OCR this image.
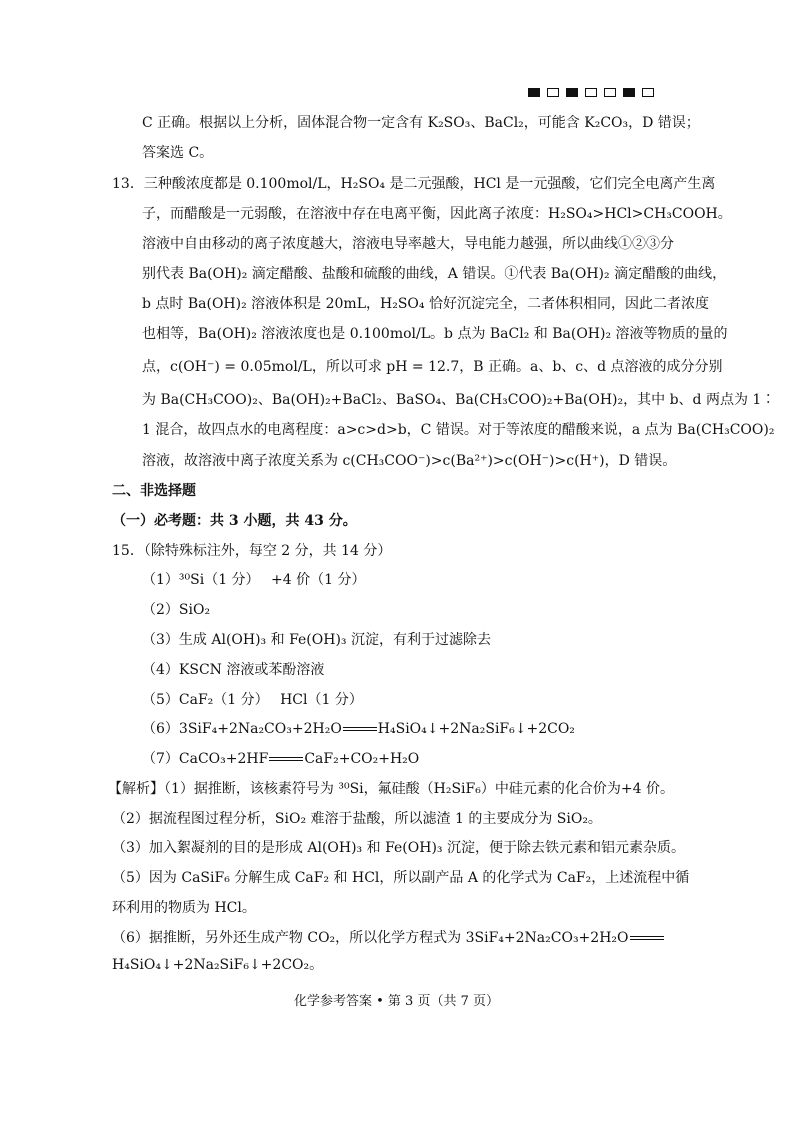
C 正确。根据以上分析，固体混合物一定含有 K₂SO₃、BaCl₂，可能含 K₂CO₃，D 错误；
答案选 C。
13．三种酸浓度都是 0.100mol/L，H₂SO₄ 是二元强酸，HCl 是一元强酸，它们完全电离产生离
子，而醋酸是一元弱酸，在溶液中存在电离平衡，因此离子浓度：H₂SO₄>HCl>CH₃COOH。
溶液中自由移动的离子浓度越大，溶液电导率越大，导电能力越强，所以曲线①②③分
别代表 Ba(OH)₂ 滴定醋酸、盐酸和硫酸的曲线，A 错误。①代表 Ba(OH)₂ 滴定醋酸的曲线，
b 点时 Ba(OH)₂ 溶液体积是 20mL，H₂SO₄ 恰好沉淀完全，二者体积相同，因此二者浓度
也相等，Ba(OH)₂ 溶液浓度也是 0.100mol/L。b 点为 BaCl₂ 和 Ba(OH)₂ 溶液等物质的量的
点，c(OH⁻) = 0.05mol/L，所以可求 pH = 12.7，B 正确。a、b、c、d 点溶液的成分分别
为 Ba(CH₃COO)₂、Ba(OH)₂+BaCl₂、BaSO₄、Ba(CH₃COO)₂+Ba(OH)₂，其中 b、d 两点为 1∶
1 混合，故四点水的电离程度：a>c>d>b，C 错误。对于等浓度的醋酸来说，a 点为 Ba(CH₃COO)₂
溶液，故溶液中离子浓度关系为 c(CH₃COO⁻)>c(Ba²⁺)>c(OH⁻)>c(H⁺)，D 错误。
二、非选择题
（一）必考题：共 3 小题，共 43 分。
15．（除特殊标注外，每空 2 分，共 14 分）
（1）³⁰Si（1 分）　 +4 价（1 分）
（2）SiO₂
（3）生成 Al(OH)₃ 和 Fe(OH)₃ 沉淀，有利于过滤除去
（4）KSCN 溶液或苯酚溶液
（5）CaF₂（1 分）　 HCl（1 分）
（6）3SiF₄+2Na₂CO₃+2H₂O	H₄SiO₄↓+2Na₂SiF₆↓+2CO₂
（7）CaCO₃+2HF	CaF₂+CO₂+H₂O
【解析】（1）据推断，该核素符号为 ³⁰Si，氟硅酸（H₂SiF₆）中硅元素的化合价为+4 价。
（2）据流程图过程分析，SiO₂ 难溶于盐酸，所以滤渣 1 的主要成分为 SiO₂。
（3）加入絮凝剂的目的是形成 Al(OH)₃ 和 Fe(OH)₃ 沉淀，便于除去铁元素和铝元素杂质。
（5）因为 CaSiF₆ 分解生成 CaF₂ 和 HCl，所以副产品 A 的化学式为 CaF₂，上述流程中循
环利用的物质为 HCl。
（6）据推断，另外还生成产物 CO₂，所以化学方程式为 3SiF₄+2Na₂CO₃+2H₂O
H₄SiO₄↓+2Na₂SiF₆↓+2CO₂。
化学参考答案 • 第 3 页（共 7 页）
